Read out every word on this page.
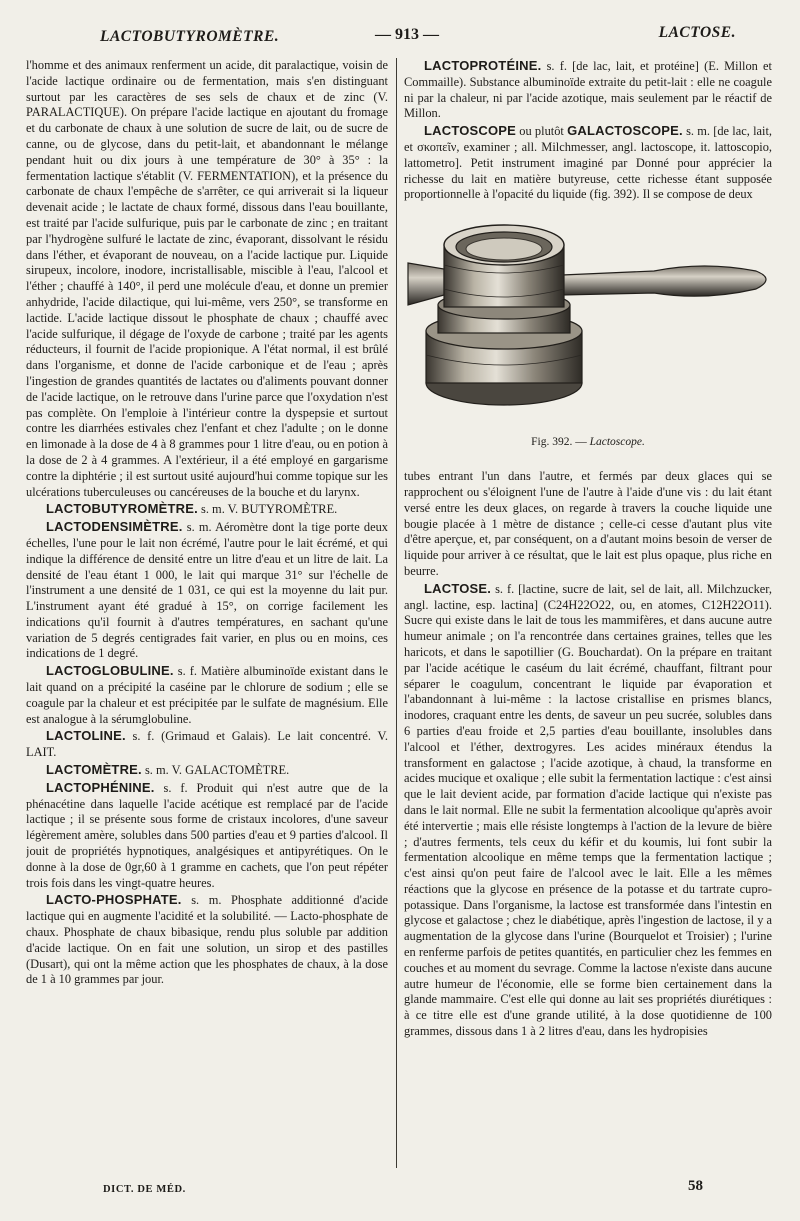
LACTOBUTYROMÈTRE.	— 913 —	LACTOSE.

l'homme et des animaux renferment un acide, dit paralactique, voisin de l'acide lactique ordinaire ou de fermentation, mais s'en distinguant surtout par les caractères de ses sels de chaux et de zinc (V. PARALACTIQUE). On prépare l'acide lactique en ajoutant du fromage et du carbonate de chaux à une solution de sucre de lait, ou de sucre de canne, ou de glycose, dans du petit-lait, et abandonnant le mélange pendant huit ou dix jours à une température de 30° à 35° : la fermentation lactique s'établit (V. FERMENTATION), et la présence du carbonate de chaux l'empêche de s'arrêter, ce qui arriverait si la liqueur devenait acide ; le lactate de chaux formé, dissous dans l'eau bouillante, est traité par l'acide sulfurique, puis par le carbonate de zinc ; en traitant par l'hydrogène sulfuré le lactate de zinc, évaporant, dissolvant le résidu dans l'éther, et évaporant de nouveau, on a l'acide lactique pur. Liquide sirupeux, incolore, inodore, incristallisable, miscible à l'eau, l'alcool et l'éther ; chauffé à 140°, il perd une molécule d'eau, et donne un premier anhydride, l'acide dilactique, qui lui-même, vers 250°, se transforme en lactide. L'acide lactique dissout le phosphate de chaux ; chauffé avec l'acide sulfurique, il dégage de l'oxyde de carbone ; traité par les agents réducteurs, il fournit de l'acide propionique. A l'état normal, il est brûlé dans l'organisme, et donne de l'acide carbonique et de l'eau ; après l'ingestion de grandes quantités de lactates ou d'aliments pouvant donner de l'acide lactique, on le retrouve dans l'urine parce que l'oxydation n'est pas complète. On l'emploie à l'intérieur contre la dyspepsie et surtout contre les diarrhées estivales chez l'enfant et chez l'adulte ; on le donne en limonade à la dose de 4 à 8 grammes pour 1 litre d'eau, ou en potion à la dose de 2 à 4 grammes. A l'extérieur, il a été employé en gargarisme contre la diphtérie ; il est surtout usité aujourd'hui comme topique sur les ulcérations tuberculeuses ou cancéreuses de la bouche et du larynx.

LACTOBUTYROMÈTRE. s. m. V. BUTYROMÈTRE.

LACTODENSIMÈTRE. s. m. Aéromètre dont la tige porte deux échelles, l'une pour le lait non écrémé, l'autre pour le lait écrémé, et qui indique la différence de densité entre un litre d'eau et un litre de lait. La densité de l'eau étant 1 000, le lait qui marque 31° sur l'échelle de l'instrument a une densité de 1 031, ce qui est la moyenne du lait pur. L'instrument ayant été gradué à 15°, on corrige facilement les indications qu'il fournit à d'autres températures, en sachant qu'une variation de 5 degrés centigrades fait varier, en plus ou en moins, ces indications de 1 degré.

LACTOGLOBULINE. s. f. Matière albuminoïde existant dans le lait quand on a précipité la caséine par le chlorure de sodium ; elle se coagule par la chaleur et est précipitée par le sulfate de magnésium. Elle est analogue à la sérumglobuline.

LACTOLINE. s. f. (Grimaud et Galais). Le lait concentré. V. LAIT.

LACTOMÈTRE. s. m. V. GALACTOMÈTRE.

LACTOPHÉNINE. s. f. Produit qui n'est autre que de la phénacétine dans laquelle l'acide acétique est remplacé par de l'acide lactique ; il se présente sous forme de cristaux incolores, d'une saveur légèrement amère, solubles dans 500 parties d'eau et 9 parties d'alcool. Il jouit de propriétés hypnotiques, analgésiques et antipyrétiques. On le donne à la dose de 0gr,60 à 1 gramme en cachets, que l'on peut répéter trois fois dans les vingt-quatre heures.

LACTO-PHOSPHATE. s. m. Phosphate additionné d'acide lactique qui en augmente l'acidité et la solubilité. — Lacto-phosphate de chaux. Phosphate de chaux bibasique, rendu plus soluble par addition d'acide lactique. On en fait une solution, un sirop et des pastilles (Dusart), qui ont la même action que les phosphates de chaux, à la dose de 1 à 10 grammes par jour.

LACTOPROTÉINE. s. f. [de lac, lait, et protéine] (E. Millon et Commaille). Substance albuminoïde extraite du petit-lait : elle ne coagule ni par la chaleur, ni par l'acide azotique, mais seulement par le réactif de Millon.

LACTOSCOPE ou plutôt GALACTOSCOPE. s. m. [de lac, lait, et σκοπεῖν, examiner ; all. Milchmesser, angl. lactoscope, it. lattoscopio, lattometro]. Petit instrument imaginé par Donné pour apprécier la richesse du lait en matière butyreuse, cette richesse étant supposée proportionnelle à l'opacité du liquide (fig. 392). Il se compose de deux

Fig. 392. — Lactoscope.

tubes entrant l'un dans l'autre, et fermés par deux glaces qui se rapprochent ou s'éloignent l'une de l'autre à l'aide d'une vis : du lait étant versé entre les deux glaces, on regarde à travers la couche liquide une bougie placée à 1 mètre de distance ; celle-ci cesse d'autant plus vite d'être aperçue, et, par conséquent, on a d'autant moins besoin de verser de liquide pour arriver à ce résultat, que le lait est plus opaque, plus riche en beurre.

LACTOSE. s. f. [lactine, sucre de lait, sel de lait, all. Milchzucker, angl. lactine, esp. lactina] (C24H22O22, ou, en atomes, C12H22O11). Sucre qui existe dans le lait de tous les mammifères, et dans aucune autre humeur animale ; on l'a rencontrée dans certaines graines, telles que les haricots, et dans le sapotillier (G. Bouchardat). On la prépare en traitant par l'acide acétique le caséum du lait écrémé, chauffant, filtrant pour séparer le coagulum, concentrant le liquide par évaporation et l'abandonnant à lui-même : la lactose cristallise en prismes blancs, inodores, craquant entre les dents, de saveur un peu sucrée, solubles dans 6 parties d'eau froide et 2,5 parties d'eau bouillante, insolubles dans l'alcool et l'éther, dextrogyres. Les acides minéraux étendus la transforment en galactose ; l'acide azotique, à chaud, la transforme en acides mucique et oxalique ; elle subit la fermentation lactique : c'est ainsi que le lait devient acide, par formation d'acide lactique qui n'existe pas dans le lait normal. Elle ne subit la fermentation alcoolique qu'après avoir été intervertie ; mais elle résiste longtemps à l'action de la levure de bière ; d'autres ferments, tels ceux du kéfir et du koumis, lui font subir la fermentation alcoolique en même temps que la fermentation lactique ; c'est ainsi qu'on peut faire de l'alcool avec le lait. Elle a les mêmes réactions que la glycose en présence de la potasse et du tartrate cupro-potassique. Dans l'organisme, la lactose est transformée dans l'intestin en glycose et galactose ; chez le diabétique, après l'ingestion de lactose, il y a augmentation de la glycose dans l'urine (Bourquelot et Troisier) ; l'urine en renferme parfois de petites quantités, en particulier chez les femmes en couches et au moment du sevrage. Comme la lactose n'existe dans aucune autre humeur de l'économie, elle se forme bien certainement dans la glande mammaire. C'est elle qui donne au lait ses propriétés diurétiques : à ce titre elle est d'une grande utilité, à la dose quotidienne de 100 grammes, dissous dans 1 à 2 litres d'eau, dans les hydropisies

DICT. DE MÉD.	58
